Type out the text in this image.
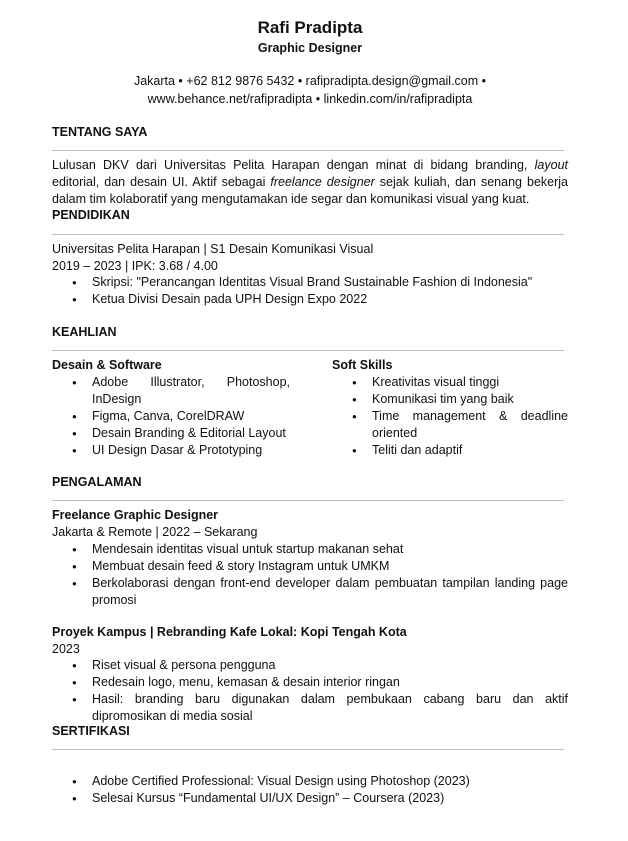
Rafi Pradipta
Graphic Designer
Jakarta • +62 812 9876 5432 • rafipradipta.design@gmail.com •
www.behance.net/rafipradipta • linkedin.com/in/rafipradipta
TENTANG SAYA
Lulusan DKV dari Universitas Pelita Harapan dengan minat di bidang branding, layout editorial, dan desain UI. Aktif sebagai freelance designer sejak kuliah, dan senang bekerja dalam tim kolaboratif yang mengutamakan ide segar dan komunikasi visual yang kuat.
PENDIDIKAN
Universitas Pelita Harapan | S1 Desain Komunikasi Visual
2019 – 2023 | IPK: 3.68 / 4.00
● Skripsi: "Perancangan Identitas Visual Brand Sustainable Fashion di Indonesia"
● Ketua Divisi Desain pada UPH Design Expo 2022
KEAHLIAN
Desain & Software
● Adobe Illustrator, Photoshop, InDesign
● Figma, Canva, CorelDRAW
● Desain Branding & Editorial Layout
● UI Design Dasar & Prototyping
Soft Skills
● Kreativitas visual tinggi
● Komunikasi tim yang baik
● Time management & deadline oriented
● Teliti dan adaptif
PENGALAMAN
Freelance Graphic Designer
Jakarta & Remote | 2022 – Sekarang
● Mendesain identitas visual untuk startup makanan sehat
● Membuat desain feed & story Instagram untuk UMKM
● Berkolaborasi dengan front-end developer dalam pembuatan tampilan landing page promosi
Proyek Kampus | Rebranding Kafe Lokal: Kopi Tengah Kota
2023
● Riset visual & persona pengguna
● Redesain logo, menu, kemasan & desain interior ringan
● Hasil: branding baru digunakan dalam pembukaan cabang baru dan aktif dipromosikan di media sosial
SERTIFIKASI
● Adobe Certified Professional: Visual Design using Photoshop (2023)
● Selesai Kursus “Fundamental UI/UX Design” – Coursera (2023)
